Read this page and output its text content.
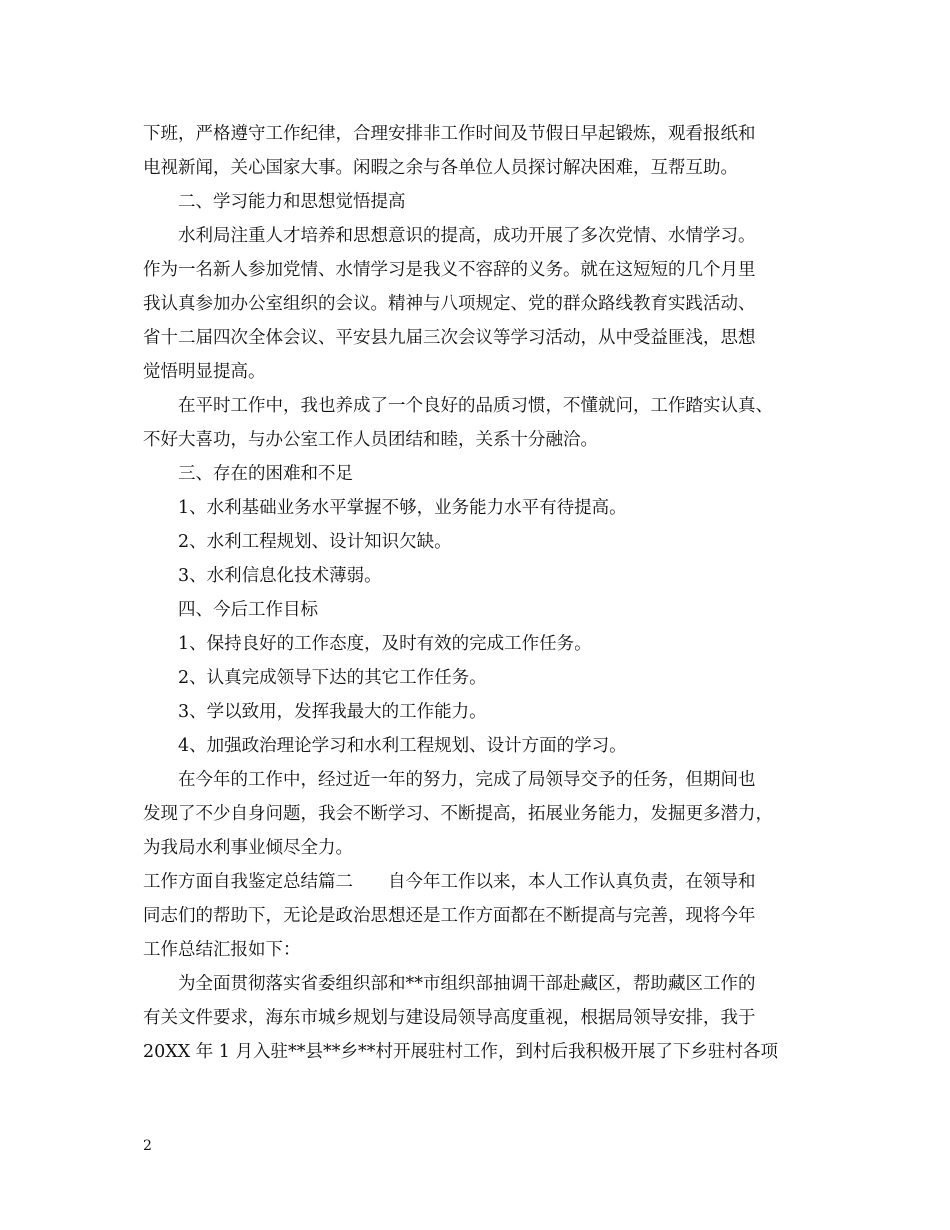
下班，严格遵守工作纪律，合理安排非工作时间及节假日早起锻炼，观看报纸和
电视新闻，关心国家大事。闲暇之余与各单位人员探讨解决困难，互帮互助。
二、学习能力和思想觉悟提高
水利局注重人才培养和思想意识的提高，成功开展了多次党情、水情学习。
作为一名新人参加党情、水情学习是我义不容辞的义务。就在这短短的几个月里
我认真参加办公室组织的会议。精神与八项规定、党的群众路线教育实践活动、
省十二届四次全体会议、平安县九届三次会议等学习活动，从中受益匪浅，思想
觉悟明显提高。
在平时工作中，我也养成了一个良好的品质习惯，不懂就问，工作踏实认真、
不好大喜功，与办公室工作人员团结和睦，关系十分融洽。
三、存在的困难和不足
1、水利基础业务水平掌握不够，业务能力水平有待提高。
2、水利工程规划、设计知识欠缺。
3、水利信息化技术薄弱。
四、今后工作目标
1、保持良好的工作态度，及时有效的完成工作任务。
2、认真完成领导下达的其它工作任务。
3、学以致用，发挥我最大的工作能力。
4、加强政治理论学习和水利工程规划、设计方面的学习。
在今年的工作中，经过近一年的努力，完成了局领导交予的任务，但期间也
发现了不少自身问题，我会不断学习、不断提高，拓展业务能力，发掘更多潜力，
为我局水利事业倾尽全力。
工作方面自我鉴定总结篇二　　自今年工作以来，本人工作认真负责，在领导和
同志们的帮助下，无论是政治思想还是工作方面都在不断提高与完善，现将今年
工作总结汇报如下：
为全面贯彻落实省委组织部和**市组织部抽调干部赴藏区，帮助藏区工作的
有关文件要求，海东市城乡规划与建设局领导高度重视，根据局领导安排，我于
20XX 年 1 月入驻**县**乡**村开展驻村工作，到村后我积极开展了下乡驻村各项
2
